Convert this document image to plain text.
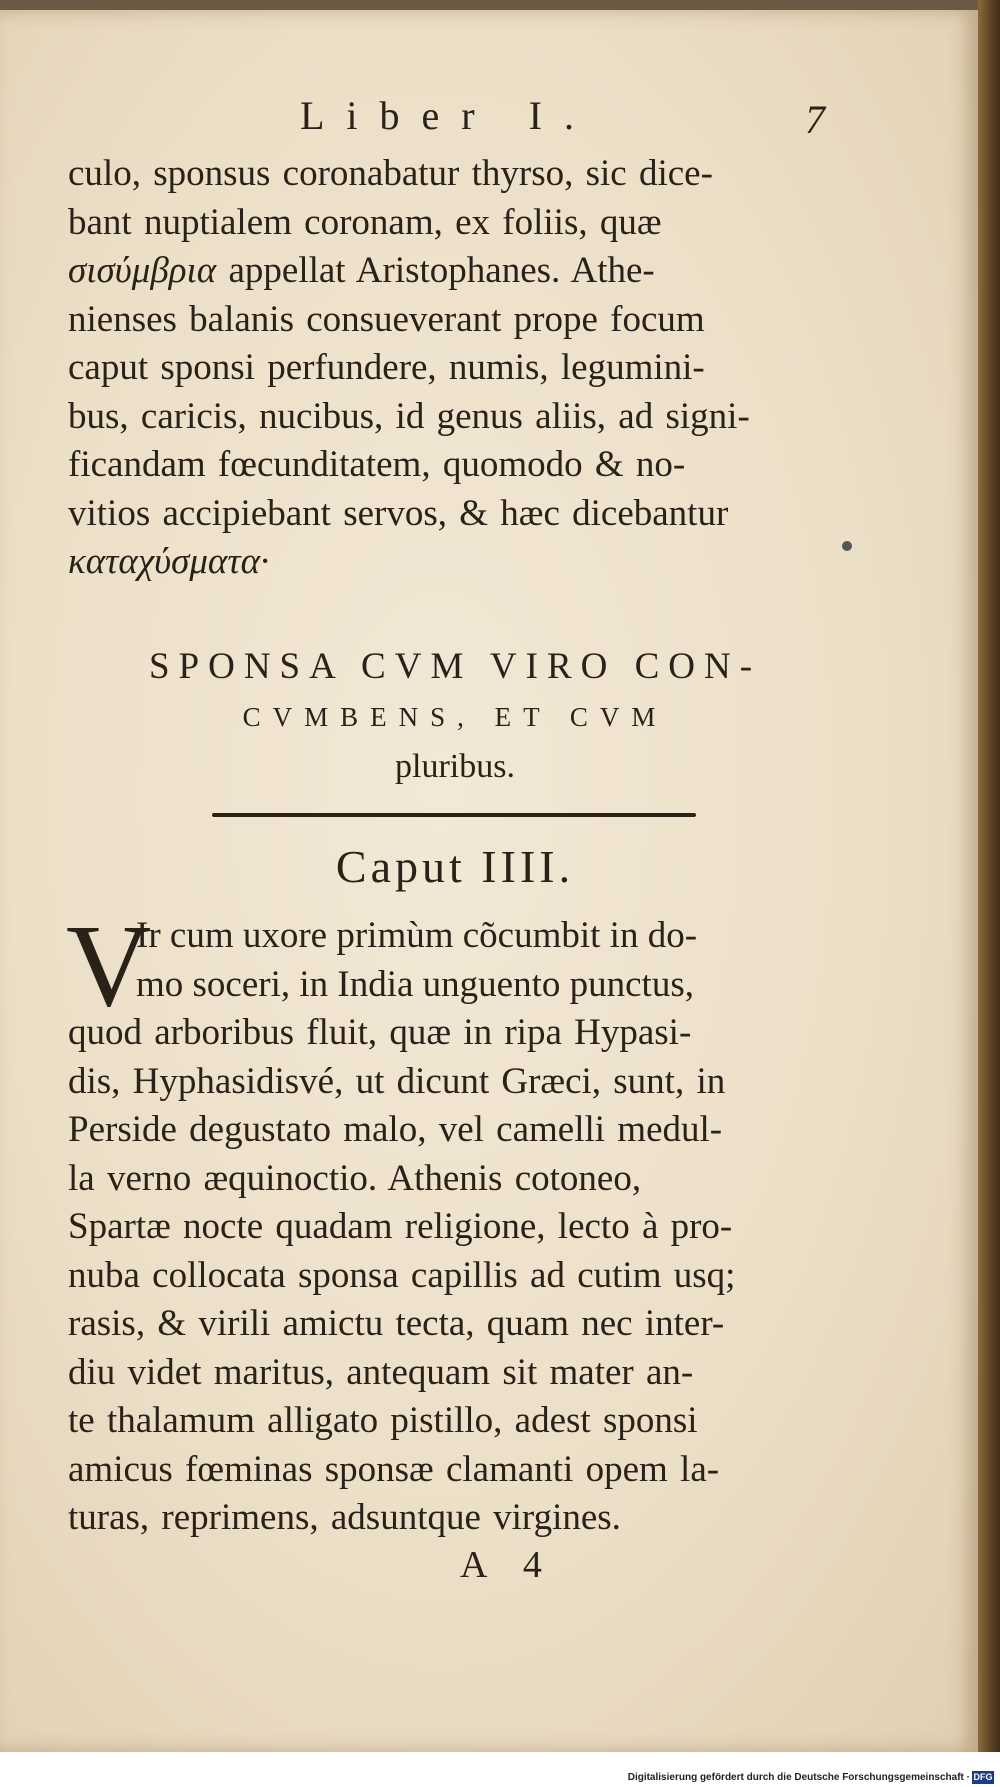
Liber I.	7
culo, sponsus coronabatur thyrso, sic dice-
bant nuptialem coronam, ex foliis, quæ
σισύμβρια appellat Aristophanes. Athe-
nienses balanis consueverant prope focum
caput sponsi perfundere, numis, legumini-
bus, caricis, nucibus, id genus aliis, ad signi-
ficandam fœcunditatem, quomodo & no-
vitios accipiebant servos, & hæc dicebantur
καταχύσματα·
SPONSA CVM VIRO CON-
CVMBENS, ET CVM
pluribus.
Caput IIII.
V
Ir cum uxore primùm cõcumbit in do-
mo soceri, in India unguento punctus,
quod arboribus fluit, quæ in ripa Hypasi-
dis, Hyphasidisvé, ut dicunt Græci, sunt, in
Perside degustato malo, vel camelli medul-
la verno æquinoctio. Athenis cotoneo,
Spartæ nocte quadam religione, lecto à pro-
nuba collocata sponsa capillis ad cutim usq;
rasis, & virili amictu tecta, quam nec inter-
diu videt maritus, antequam sit mater an-
te thalamum alligato pistillo, adest sponsi
amicus fœminas sponsæ clamanti opem la-
turas, reprimens, adsuntque virgines.
A 4
Digitalisierung gefördert durch die Deutsche Forschungsgemeinschaft · DFG
